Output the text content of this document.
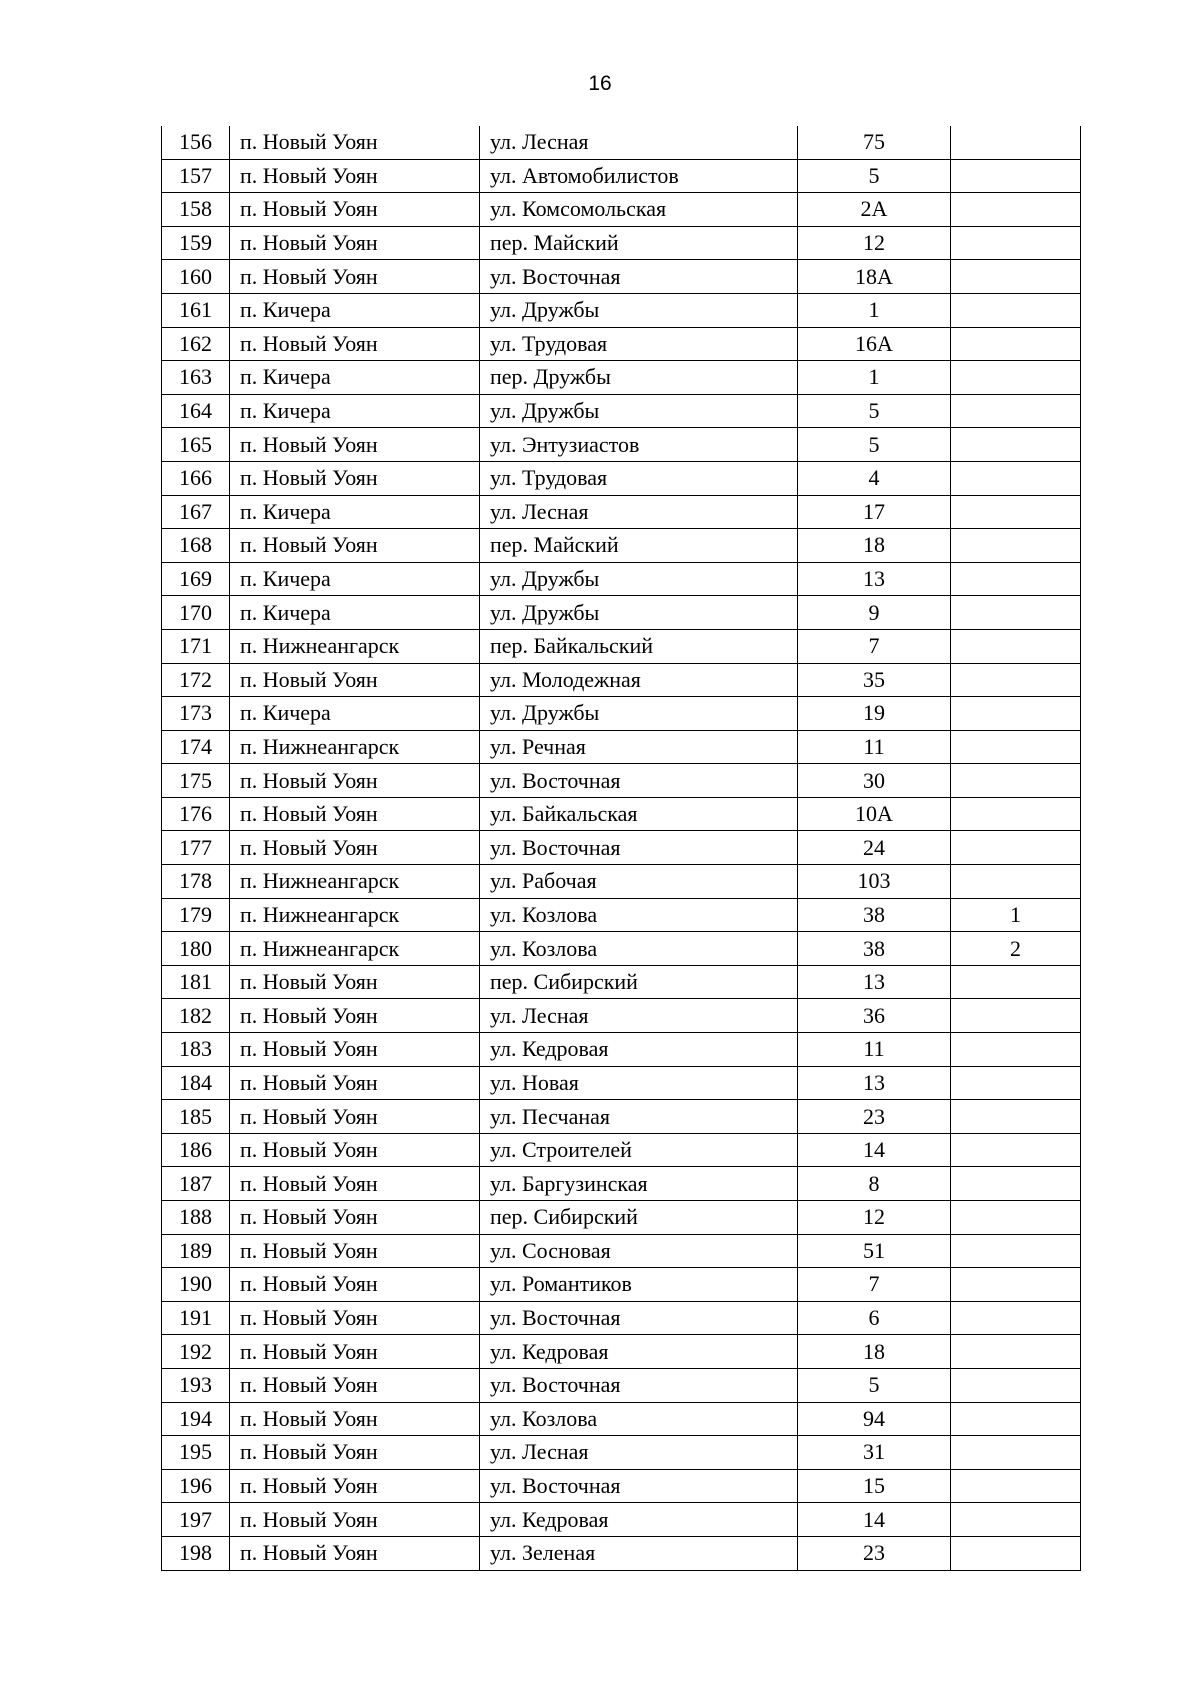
16
156	п. Новый Уоян	ул. Лесная	75	
157	п. Новый Уоян	ул. Автомобилистов	5	
158	п. Новый Уоян	ул. Комсомольская	2А	
159	п. Новый Уоян	пер. Майский	12	
160	п. Новый Уоян	ул. Восточная	18А	
161	п. Кичера	ул. Дружбы	1	
162	п. Новый Уоян	ул. Трудовая	16А	
163	п. Кичера	пер. Дружбы	1	
164	п. Кичера	ул. Дружбы	5	
165	п. Новый Уоян	ул. Энтузиастов	5	
166	п. Новый Уоян	ул. Трудовая	4	
167	п. Кичера	ул. Лесная	17	
168	п. Новый Уоян	пер. Майский	18	
169	п. Кичера	ул. Дружбы	13	
170	п. Кичера	ул. Дружбы	9	
171	п. Нижнеангарск	пер. Байкальский	7	
172	п. Новый Уоян	ул. Молодежная	35	
173	п. Кичера	ул. Дружбы	19	
174	п. Нижнеангарск	ул. Речная	11	
175	п. Новый Уоян	ул. Восточная	30	
176	п. Новый Уоян	ул. Байкальская	10А	
177	п. Новый Уоян	ул. Восточная	24	
178	п. Нижнеангарск	ул. Рабочая	103	
179	п. Нижнеангарск	ул. Козлова	38	1
180	п. Нижнеангарск	ул. Козлова	38	2
181	п. Новый Уоян	пер. Сибирский	13	
182	п. Новый Уоян	ул. Лесная	36	
183	п. Новый Уоян	ул. Кедровая	11	
184	п. Новый Уоян	ул. Новая	13	
185	п. Новый Уоян	ул. Песчаная	23	
186	п. Новый Уоян	ул. Строителей	14	
187	п. Новый Уоян	ул. Баргузинская	8	
188	п. Новый Уоян	пер. Сибирский	12	
189	п. Новый Уоян	ул. Сосновая	51	
190	п. Новый Уоян	ул. Романтиков	7	
191	п. Новый Уоян	ул. Восточная	6	
192	п. Новый Уоян	ул. Кедровая	18	
193	п. Новый Уоян	ул. Восточная	5	
194	п. Новый Уоян	ул. Козлова	94	
195	п. Новый Уоян	ул. Лесная	31	
196	п. Новый Уоян	ул. Восточная	15	
197	п. Новый Уоян	ул. Кедровая	14	
198	п. Новый Уоян	ул. Зеленая	23	
